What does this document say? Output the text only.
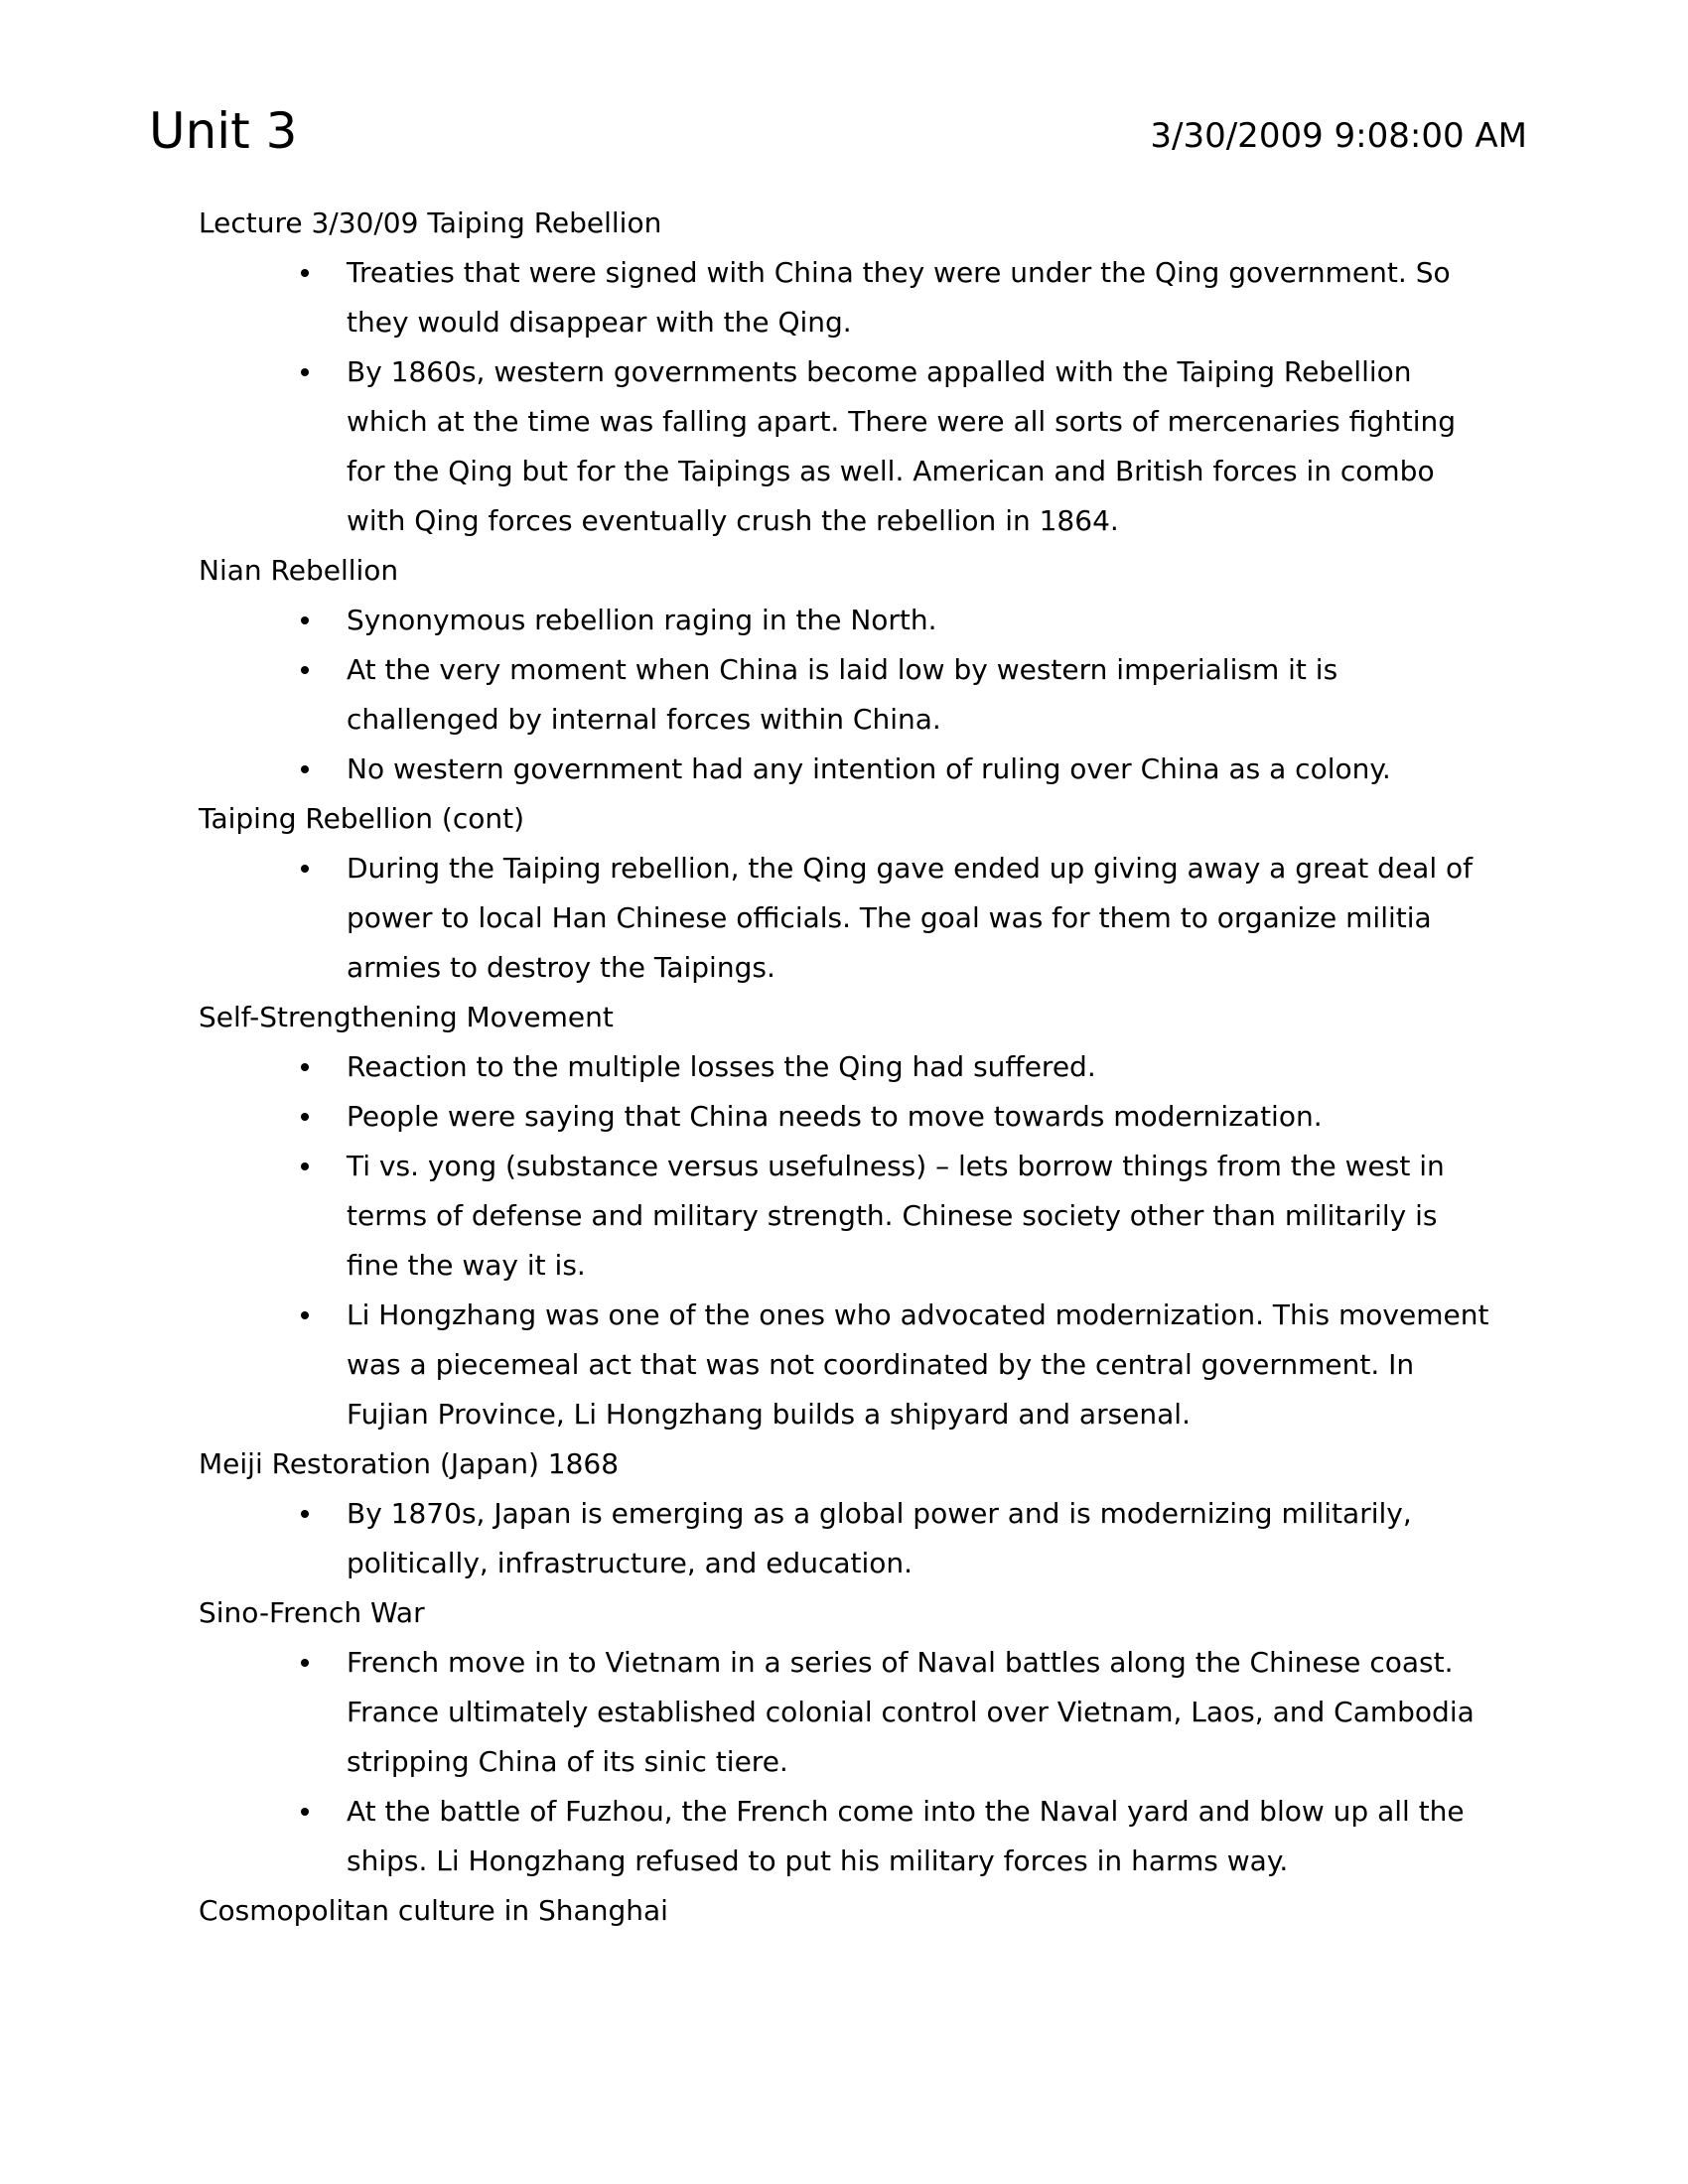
Unit 3	3/30/2009 9:08:00 AM

Lecture 3/30/09 Taiping Rebellion

Treaties that were signed with China they were under the Qing government. So they would disappear with the Qing.
By 1860s, western governments become appalled with the Taiping Rebellion which at the time was falling apart. There were all sorts of mercenaries fighting for the Qing but for the Taipings as well. American and British forces in combo with Qing forces eventually crush the rebellion in 1864.

Nian Rebellion

Synonymous rebellion raging in the North.
At the very moment when China is laid low by western imperialism it is challenged by internal forces within China.
No western government had any intention of ruling over China as a colony.

Taiping Rebellion (cont)

During the Taiping rebellion, the Qing gave ended up giving away a great deal of power to local Han Chinese officials. The goal was for them to organize militia armies to destroy the Taipings.

Self-Strengthening Movement

Reaction to the multiple losses the Qing had suffered.
People were saying that China needs to move towards modernization.
Ti vs. yong (substance versus usefulness) – lets borrow things from the west in terms of defense and military strength. Chinese society other than militarily is fine the way it is.
Li Hongzhang was one of the ones who advocated modernization. This movement was a piecemeal act that was not coordinated by the central government. In Fujian Province, Li Hongzhang builds a shipyard and arsenal.

Meiji Restoration (Japan) 1868

By 1870s, Japan is emerging as a global power and is modernizing militarily, politically, infrastructure, and education.

Sino-French War

French move in to Vietnam in a series of Naval battles along the Chinese coast. France ultimately established colonial control over Vietnam, Laos, and Cambodia stripping China of its sinic tiere.
At the battle of Fuzhou, the French come into the Naval yard and blow up all the ships. Li Hongzhang refused to put his military forces in harms way.

Cosmopolitan culture in Shanghai
